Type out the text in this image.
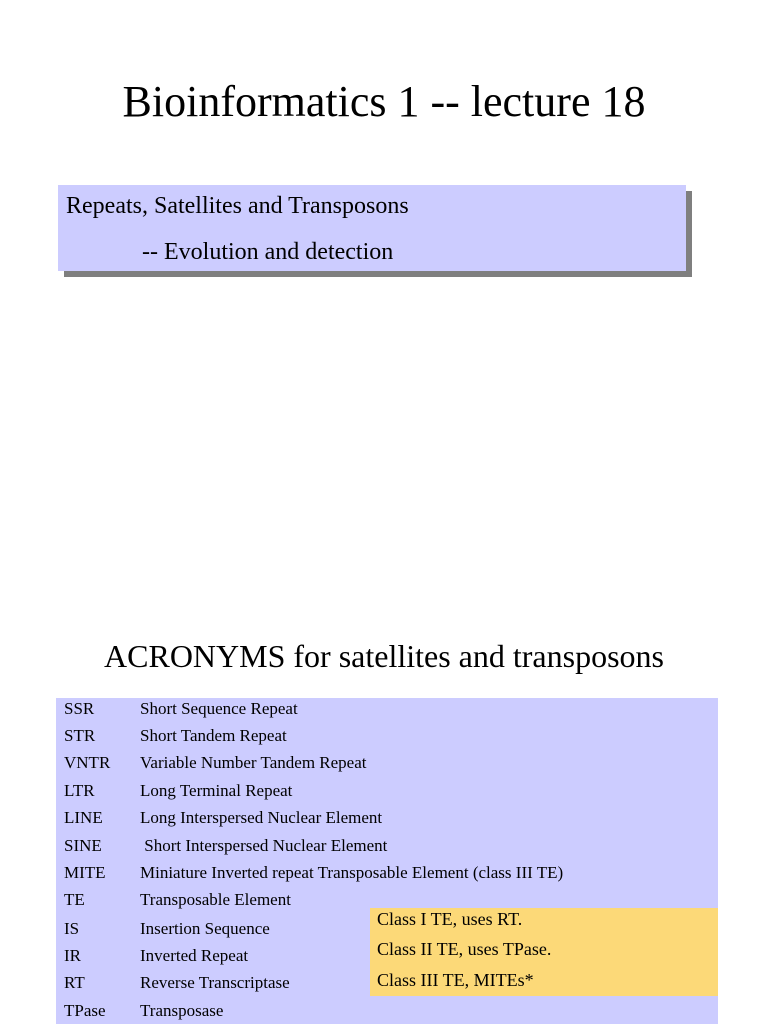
Bioinformatics 1 -- lecture 18
Repeats, Satellites and Transposons
-- Evolution and detection
ACRONYMS for satellites and transposons
SSR	Short Sequence Repeat
STR	Short Tandem Repeat
VNTR Variable Number Tandem Repeat
LTR	Long Terminal Repeat
LINE Long Interspersed Nuclear Element
SINE Short Interspersed Nuclear Element
MITE Miniature Inverted repeat Transposable Element (class III TE)
TE	Transposable Element
IS	Insertion Sequence
IR	Inverted Repeat
RT	Reverse Transcriptase
TPase Transposase
Class I TE, uses RT.
Class II TE, uses TPase.
Class III TE, MITEs*
